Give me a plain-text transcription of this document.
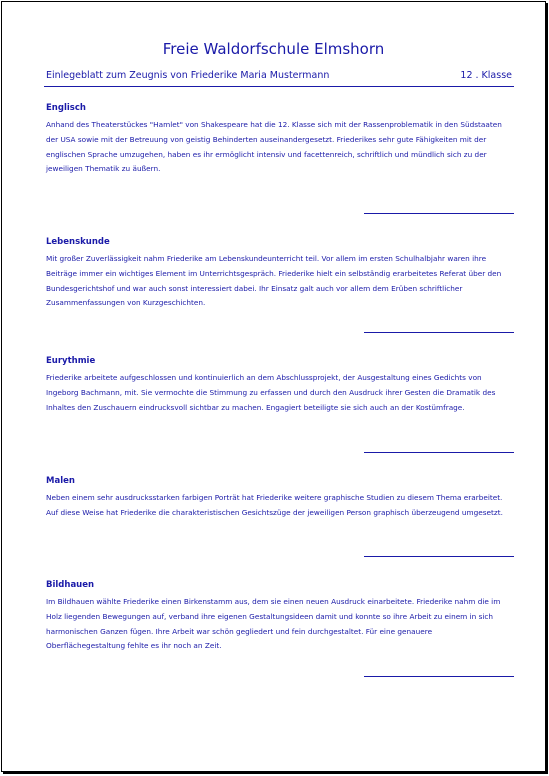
Freie Waldorfschule Elmshorn
Einlegeblatt zum Zeugnis von Friederike Maria Mustermann	12 . Klasse
Englisch

Anhand des Theaterstückes "Hamlet" von Shakespeare hat die 12. Klasse sich mit der Rassenproblematik in den Südstaaten der USA sowie mit der Betreuung von geistig Behinderten auseinandergesetzt. Friederikes sehr gute Fähigkeiten mit der englischen Sprache umzugehen, haben es ihr ermöglicht intensiv und facettenreich, schriftlich und mündlich sich zu der jeweiligen Thematik zu äußern.

Lebenskunde

Mit großer Zuverlässigkeit nahm Friederike am Lebenskundeunterricht teil. Vor allem im ersten Schulhalbjahr waren ihre Beiträge immer ein wichtiges Element im Unterrichtsgespräch. Friederike hielt ein selbständig erarbeitetes Referat über den Bundesgerichtshof und war auch sonst interessiert dabei. Ihr Einsatz galt auch vor allem dem Erüben schriftlicher Zusammenfassungen von Kurzgeschichten.

Eurythmie

Friederike arbeitete aufgeschlossen und kontinuierlich an dem Abschlussprojekt, der Ausgestaltung eines Gedichts von Ingeborg Bachmann, mit. Sie vermochte die Stimmung zu erfassen und durch den Ausdruck ihrer Gesten die Dramatik des Inhaltes den Zuschauern eindrucksvoll sichtbar zu machen. Engagiert beteiligte sie sich auch an der Kostümfrage.

Malen

Neben einem sehr ausdrucksstarken farbigen Porträt hat Friederike weitere graphische Studien zu diesem Thema erarbeitet. Auf diese Weise hat Friederike die charakteristischen Gesichtszüge der jeweiligen Person graphisch überzeugend umgesetzt.

Bildhauen

Im Bildhauen wählte Friederike einen Birkenstamm aus, dem sie einen neuen Ausdruck einarbeitete. Friederike nahm die im Holz liegenden Bewegungen auf, verband ihre eigenen Gestaltungsideen damit und konnte so ihre Arbeit zu einem in sich harmonischen Ganzen fügen. Ihre Arbeit war schön gegliedert und fein durchgestaltet. Für eine genauere Oberflächegestaltung fehlte es ihr noch an Zeit.
